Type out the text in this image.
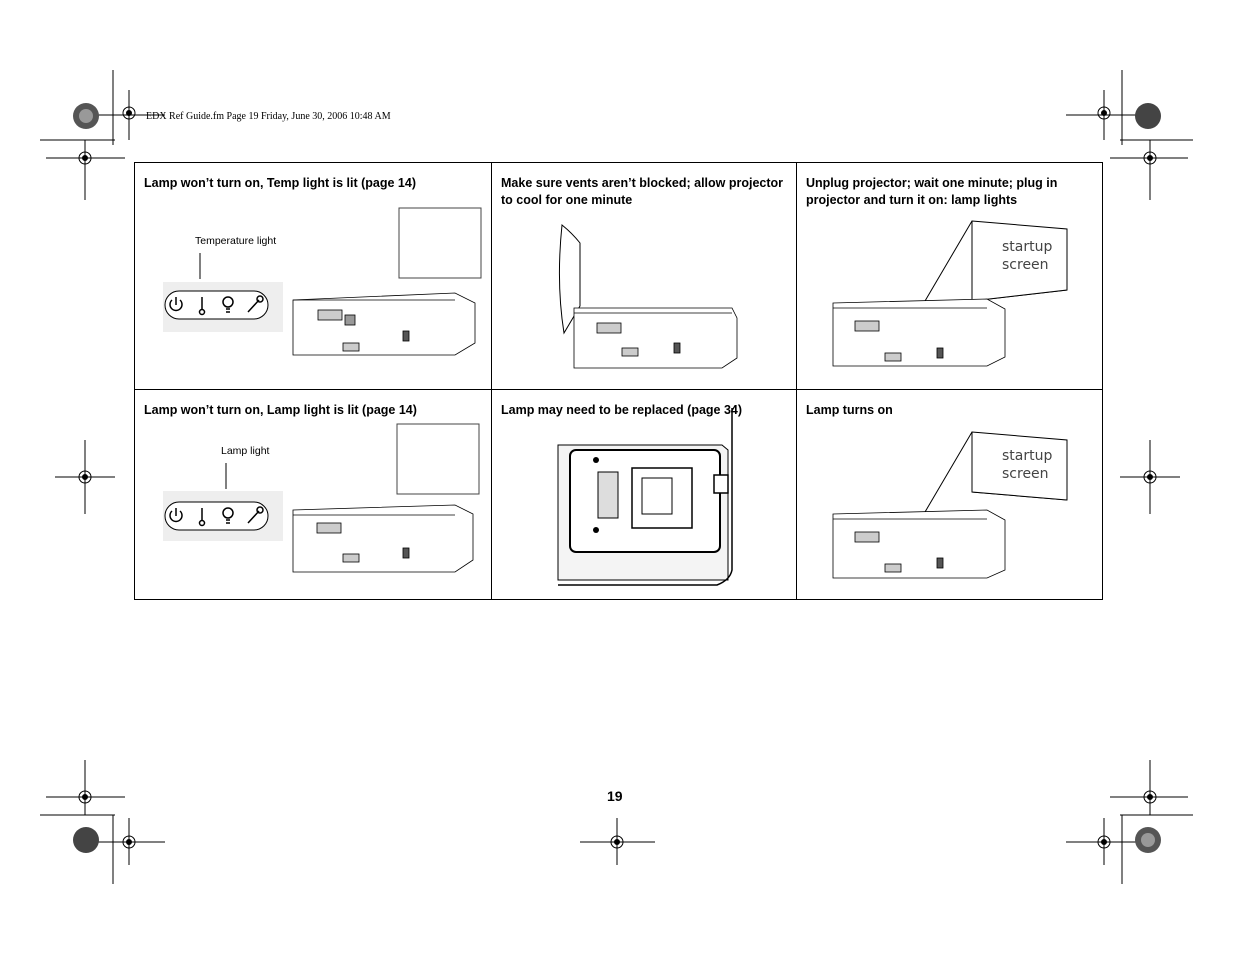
EDX Ref Guide.fm Page 19 Friday, June 30, 2006 10:48 AM
Lamp won’t turn on, Temp light is lit (page 14)
Temperature light	Make sure vents aren’t blocked; allow projector to cool for one minute	Unplug projector; wait one minute; plug in projector and turn it on: lamp lights
startup
screen

Lamp won’t turn on, Lamp light is lit (page 14)
Lamp light	Lamp may need to be replaced (page 34)	Lamp turns on
startup
screen
19
